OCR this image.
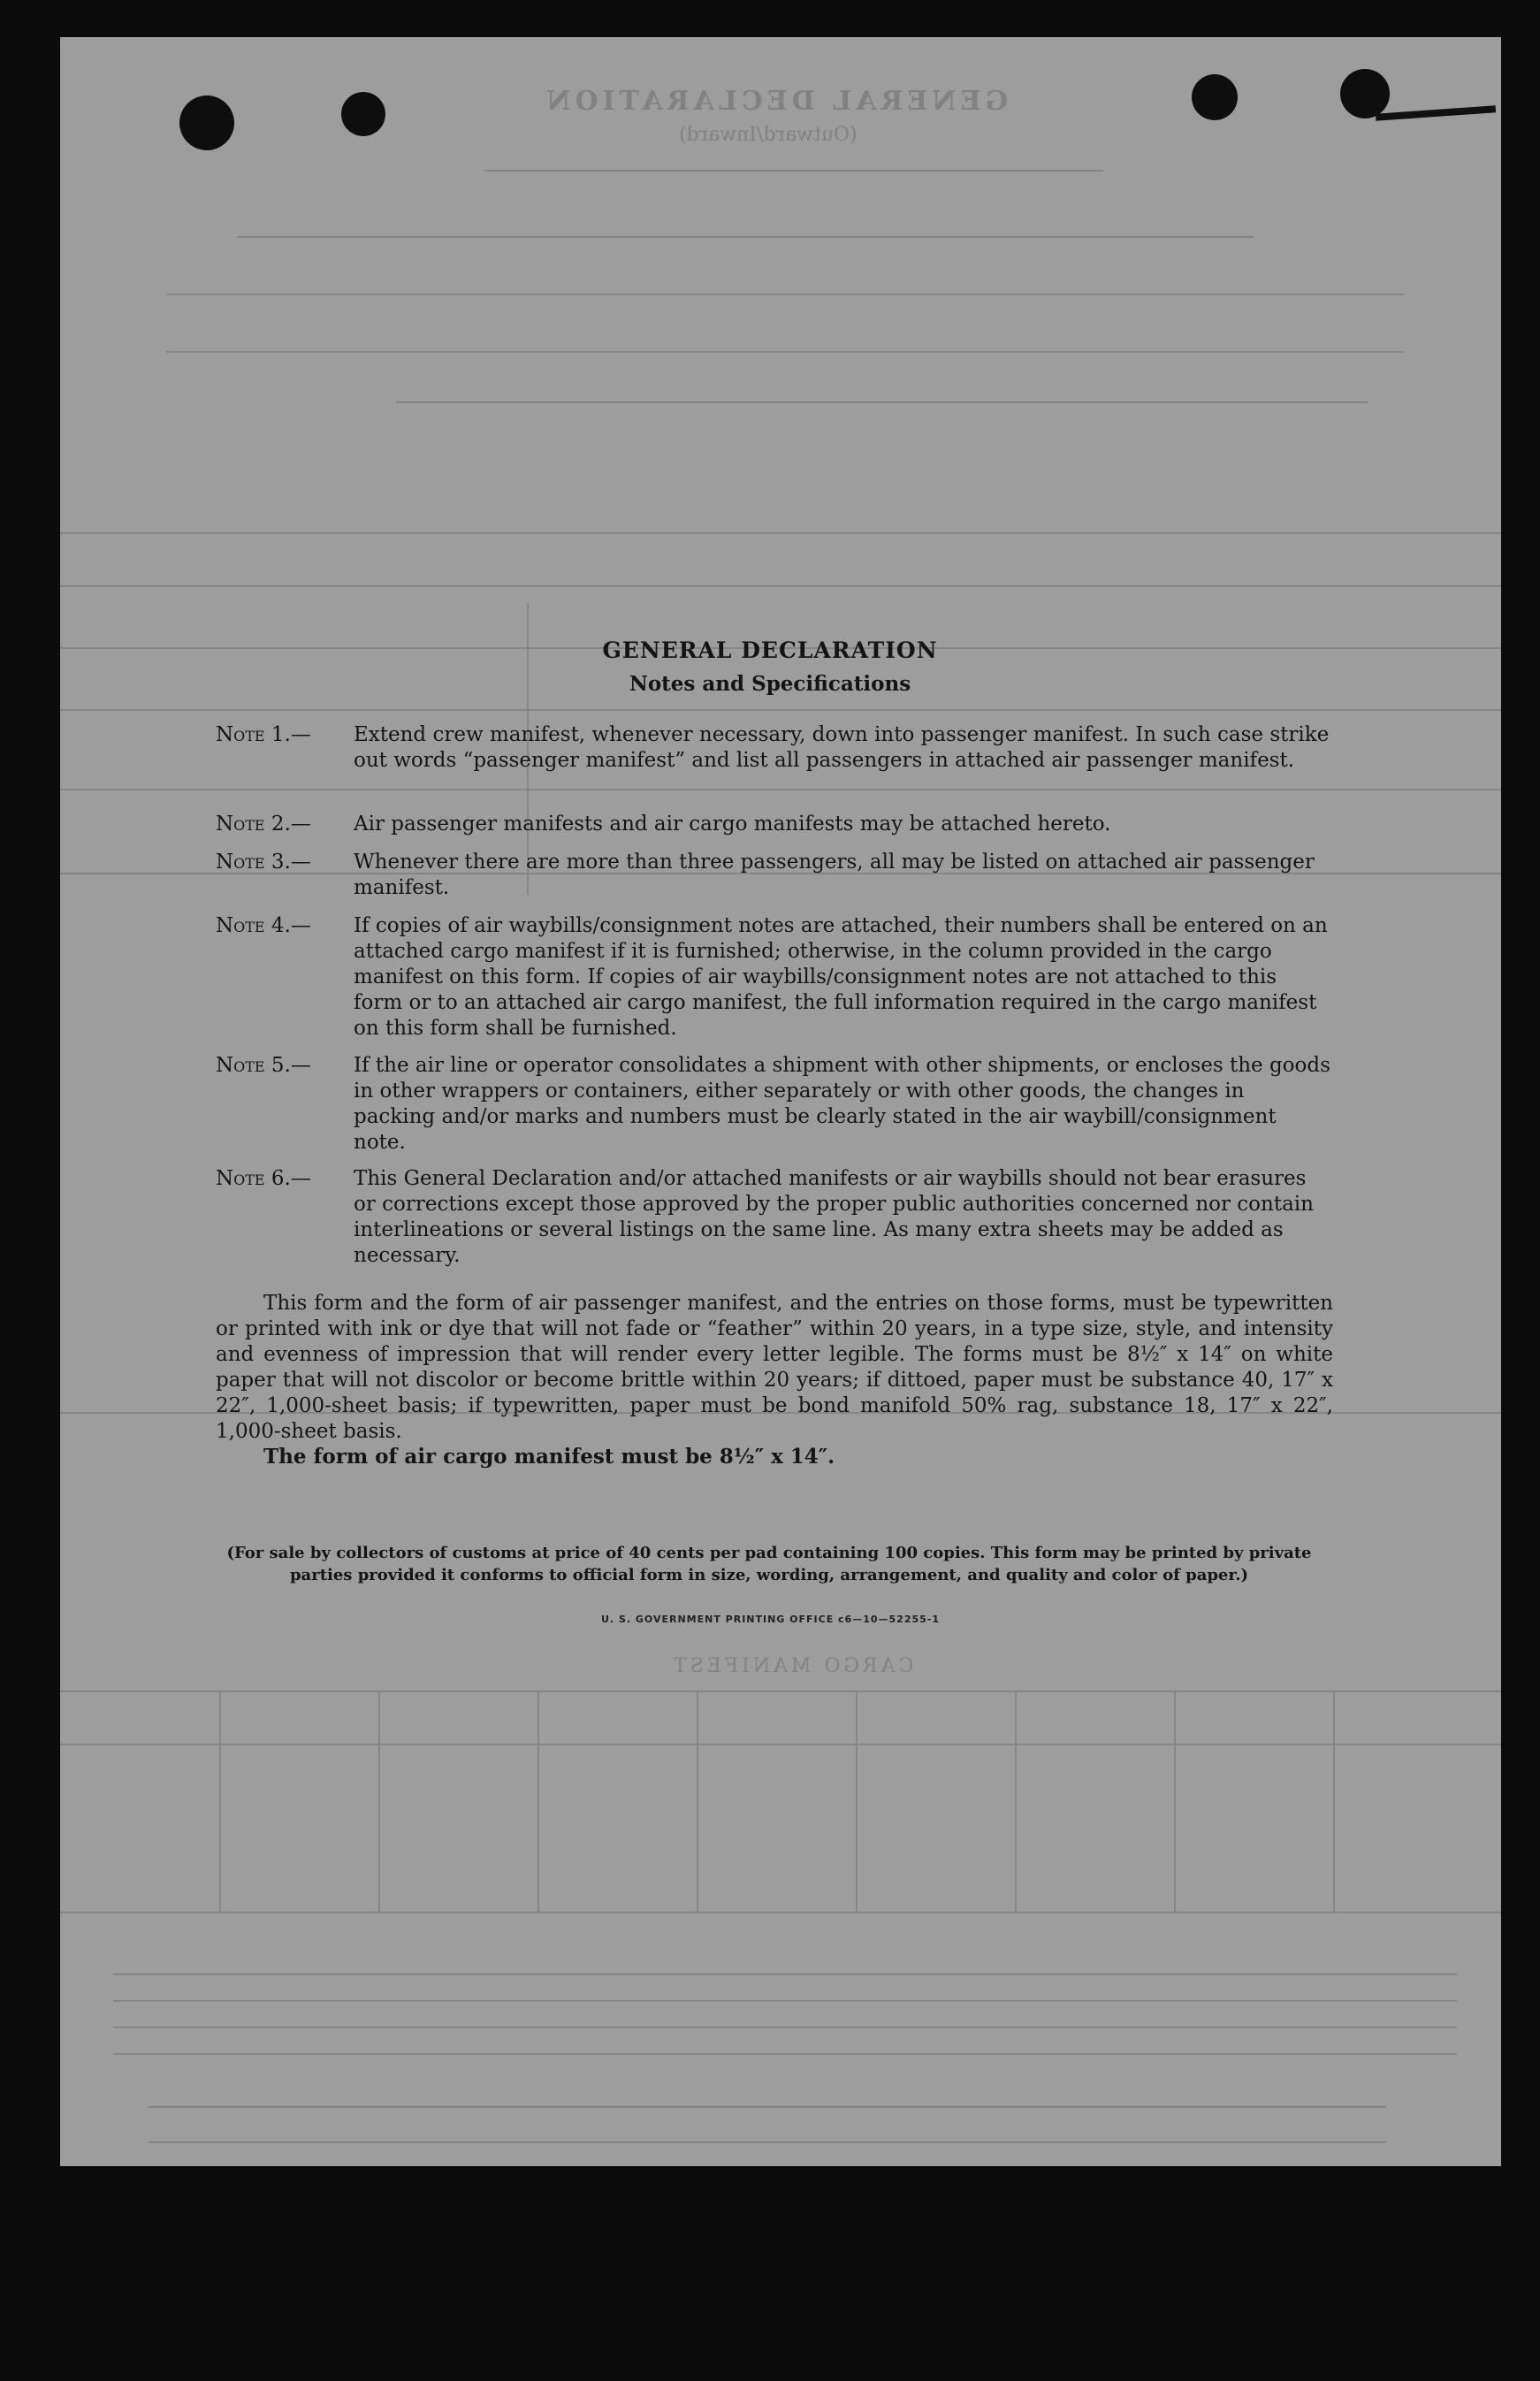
GENERAL DECLARATION
(Outward/Inward)
CARGO MANIFEST
GENERAL DECLARATION
Notes and Specifications
Note 1.—	Extend crew manifest, whenever necessary, down into passenger manifest. In such case strike out words “passenger manifest” and list all passengers in attached air passenger manifest.
Note 2.—	Air passenger manifests and air cargo manifests may be attached hereto.
Note 3.—	Whenever there are more than three passengers, all may be listed on attached air passenger manifest.
Note 4.—	If copies of air waybills/consignment notes are attached, their numbers shall be entered on an attached cargo manifest if it is furnished; otherwise, in the column provided in the cargo manifest on this form. If copies of air waybills/consignment notes are not attached to this form or to an attached air cargo manifest, the full information required in the cargo manifest on this form shall be furnished.
Note 5.—	If the air line or operator consolidates a shipment with other shipments, or encloses the goods in other wrappers or containers, either separately or with other goods, the changes in packing and/or marks and numbers must be clearly stated in the air waybill/consignment note.
Note 6.—	This General Declaration and/or attached manifests or air waybills should not bear erasures or corrections except those approved by the proper public authorities concerned nor contain interlineations or several listings on the same line. As many extra sheets may be added as necessary.
This form and the form of air passenger manifest, and the entries on those forms, must be typewritten or printed with ink or dye that will not fade or “feather” within 20 years, in a type size, style, and intensity and evenness of impression that will render every letter legible. The forms must be 8½″ x 14″ on white paper that will not discolor or become brittle within 20 years; if dittoed, paper must be substance 40, 17″ x 22″, 1,000-sheet basis; if typewritten, paper must be bond manifold 50% rag, substance 18, 17″ x 22″, 1,000-sheet basis.
The form of air cargo manifest must be 8½″ x 14″.
(For sale by collectors of customs at price of 40 cents per pad containing 100 copies. This form may be printed by private parties provided it conforms to official form in size, wording, arrangement, and quality and color of paper.)
U. S. GOVERNMENT PRINTING OFFICE c6—10—52255-1
